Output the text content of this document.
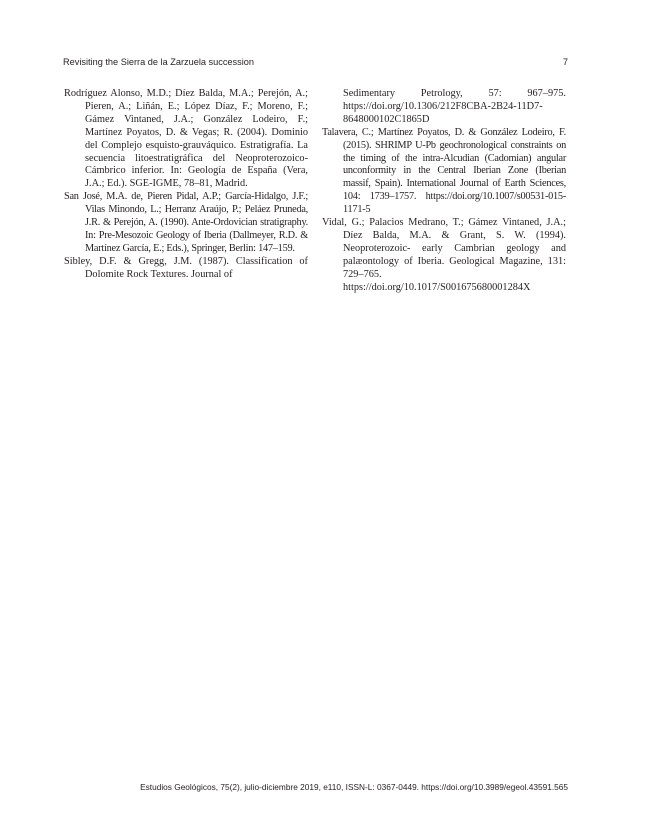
Revisiting the Sierra de la Zarzuela succession	7

Rodríguez Alonso, M.D.; Díez Balda, M.A.; Perejón, A.; Pieren, A.; Liñán, E.; López Díaz, F.; Moreno, F.; Gámez Vintaned, J.A.; González Lodeiro, F.; Martínez Poyatos, D. & Vegas; R. (2004). Dominio del Complejo esquisto-grauváquico. Estratigrafía. La secuencia litoestratigráfica del Neoproterozoico-Cámbrico inferior. In: Geología de España (Vera, J.A.; Ed.). SGE-IGME, 78–81, Madrid.

San José, M.A. de, Pieren Pidal, A.P.; García-Hidalgo, J.F.; Vilas Minondo, L.; Herranz Araújo, P.; Peláez Pruneda, J.R. & Perejón, A. (1990). Ante-Ordovician stratigraphy. In: Pre-Mesozoic Geology of Iberia (Dallmeyer, R.D. & Martínez García, E.; Eds.), Springer, Berlin: 147–159.

Sibley, D.F. & Gregg, J.M. (1987). Classification of Dolomite Rock Textures. Journal of

Sedimentary Petrology, 57: 967–975. https://doi.org/10.1306/212F8CBA-2B24-11D7-8648000102C1865D

Talavera, C.; Martínez Poyatos, D. & González Lodeiro, F. (2015). SHRIMP U-Pb geochronological constraints on the timing of the intra-Alcudian (Cadomian) angular unconformity in the Central Iberian Zone (Iberian massif, Spain). International Journal of Earth Sciences, 104: 1739–1757. https://doi.org/10.1007/s00531-015-1171-5

Vidal, G.; Palacios Medrano, T.; Gámez Vintaned, J.A.; Díez Balda, M.A. & Grant, S. W. (1994). Neoproterozoic- early Cambrian geology and palæontology of Iberia. Geological Magazine, 131: 729–765. https://doi.org/10.1017/S001675680001284X

Estudios Geológicos, 75(2), julio-diciembre 2019, e110, ISSN-L: 0367-0449. https://doi.org/10.3989/egeol.43591.565
